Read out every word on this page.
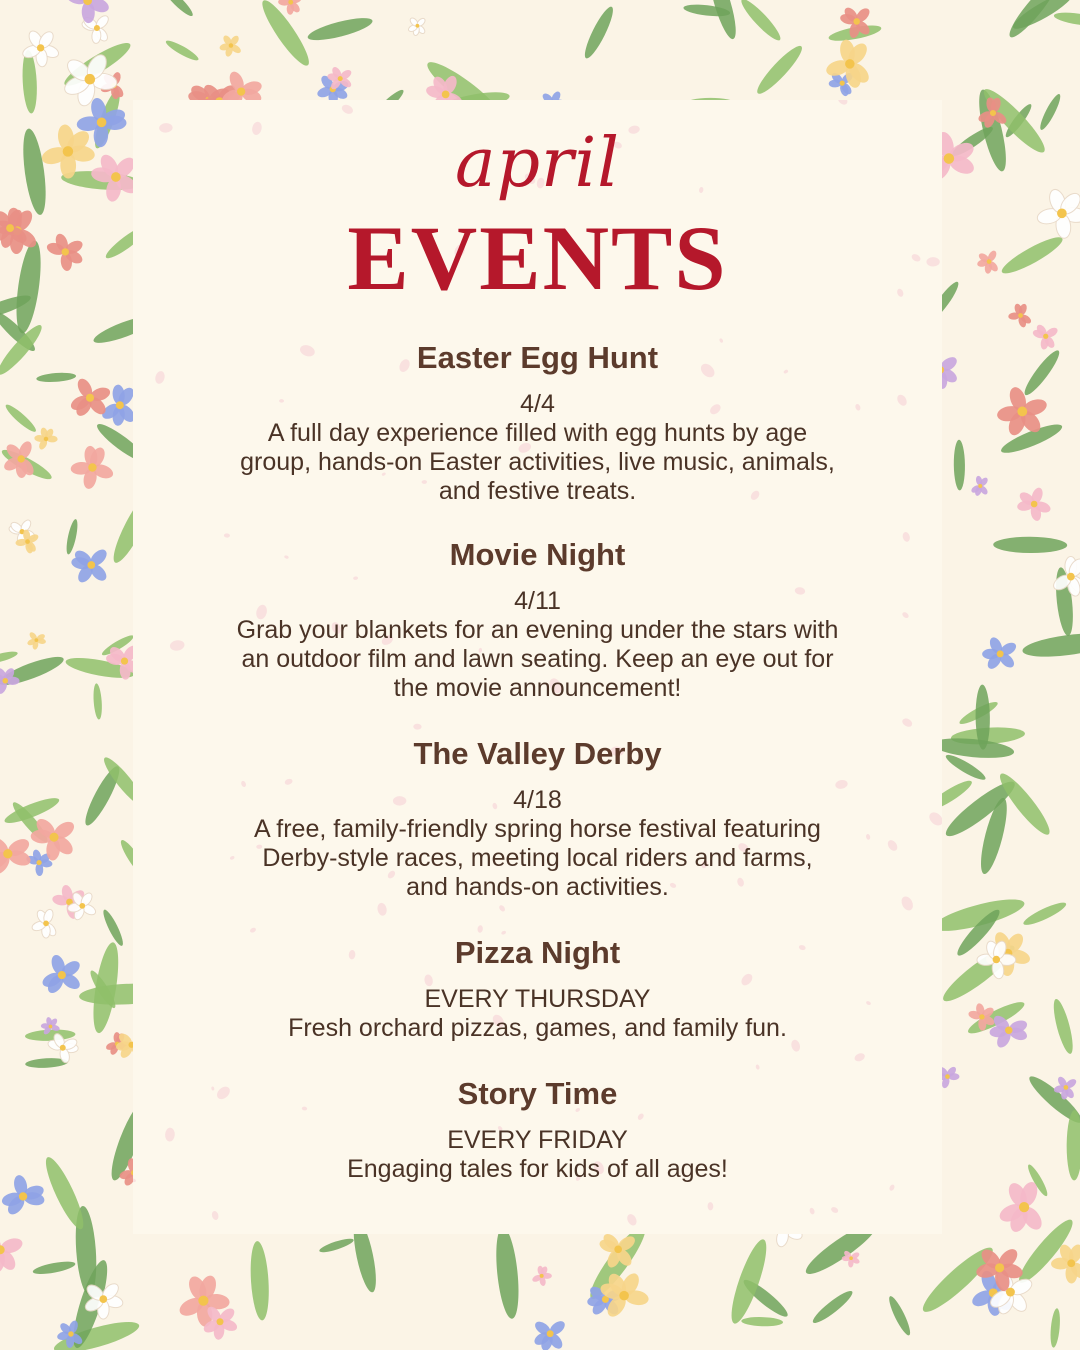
april
EVENTS
Easter Egg Hunt
4/4
A full day experience filled with egg hunts by age group, hands-on Easter activities, live music, animals, and festive treats.
Movie Night
4/11
Grab your blankets for an evening under the stars with an outdoor film and lawn seating. Keep an eye out for the movie announcement!
The Valley Derby
4/18
A free, family-friendly spring horse festival featuring Derby-style races, meeting local riders and farms, and hands-on activities.
Pizza Night
EVERY THURSDAY
Fresh orchard pizzas, games, and family fun.
Story Time
EVERY FRIDAY
Engaging tales for kids of all ages!
